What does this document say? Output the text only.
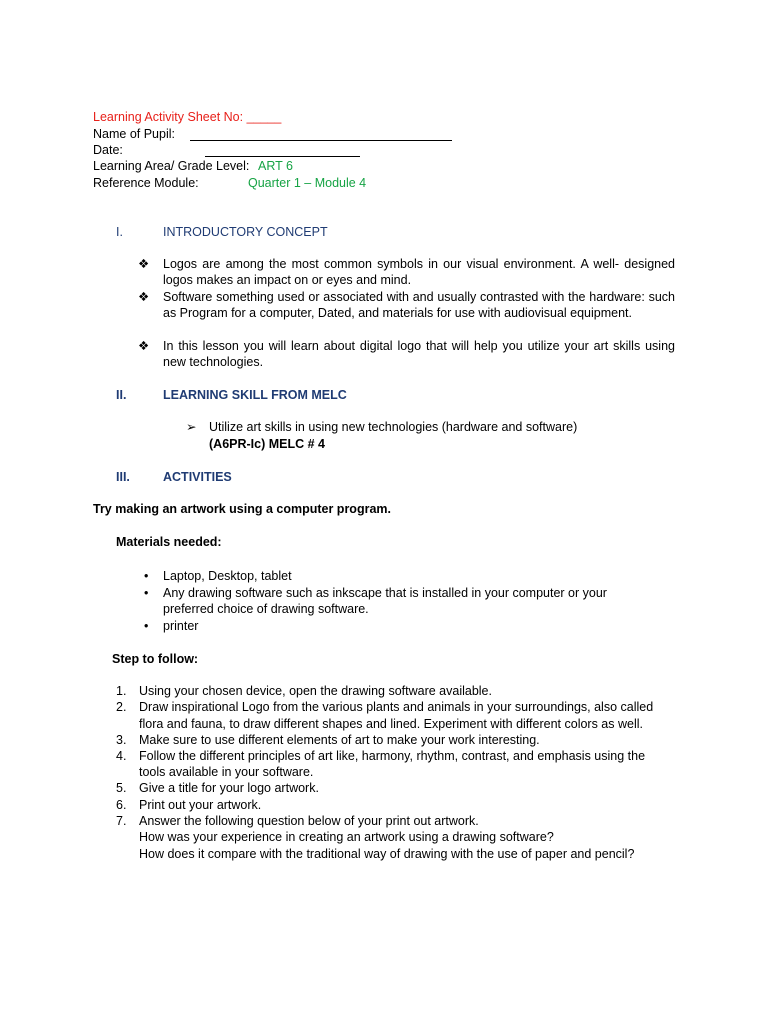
Learning Activity Sheet No: _____
Name of Pupil:
Date:
Learning Area/ Grade Level: ART 6
Reference Module:	Quarter 1 – Module 4
I.	INTRODUCTORY CONCEPT
❖ Logos are among the most common symbols in our visual environment. A well- designed logos makes an impact on or eyes and mind.
❖ Software something used or associated with and usually contrasted with the hardware: such as Program for a computer, Dated, and materials for use with audiovisual equipment.
❖ In this lesson you will learn about digital logo that will help you utilize your art skills using new technologies.
II.	LEARNING SKILL FROM MELC
➢ Utilize art skills in using new technologies (hardware and software)
(A6PR-Ic) MELC # 4
III.	ACTIVITIES
Try making an artwork using a computer program.
Materials needed:
• Laptop, Desktop, tablet
• Any drawing software such as inkscape that is installed in your computer or your
preferred choice of drawing software.
• printer
Step to follow:
1. Using your chosen device, open the drawing software available.
2. Draw inspirational Logo from the various plants and animals in your surroundings, also called
flora and fauna, to draw different shapes and lined. Experiment with different colors as well.
3. Make sure to use different elements of art to make your work interesting.
4. Follow the different principles of art like, harmony, rhythm, contrast, and emphasis using the
tools available in your software.
5. Give a title for your logo artwork.
6. Print out your artwork.
7. Answer the following question below of your print out artwork.
How was your experience in creating an artwork using a drawing software?
How does it compare with the traditional way of drawing with the use of paper and pencil?
